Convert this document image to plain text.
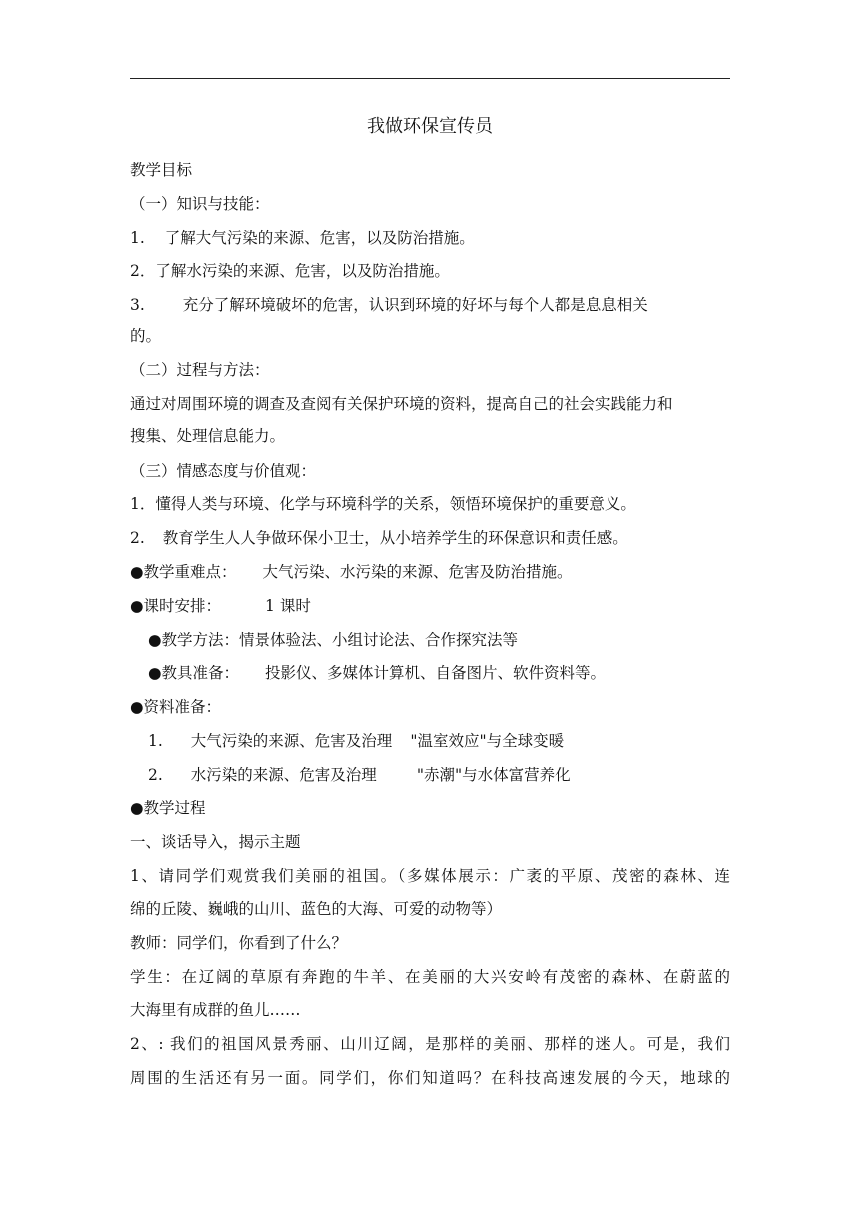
我做环保宣传员
教学目标
（一）知识与技能：
1. 了解大气污染的来源、危害，以及防治措施。
2．了解水污染的来源、危害，以及防治措施。
3. 充分了解环境破坏的危害，认识到环境的好坏与每个人都是息息相关
的。
（二）过程与方法：
通过对周围环境的调查及查阅有关保护环境的资料，提高自己的社会实践能力和
搜集、处理信息能力。
（三）情感态度与价值观：
1．懂得人类与环境、化学与环境科学的关系，领悟环境保护的重要意义。
2. 教育学生人人争做环保小卫士，从小培养学生的环保意识和责任感。
●教学重难点： 大气污染、水污染的来源、危害及防治措施。
●课时安排：	1 课时
●教学方法：情景体验法、小组讨论法、合作探究法等
●教具准备： 投影仪、多媒体计算机、自备图片、软件资料等。
●资料准备：
1. 大气污染的来源、危害及治理 "温室效应"与全球变暖
2. 水污染的来源、危害及治理	"赤潮"与水体富营养化
●教学过程
一、谈话导入，揭示主题
1、请同学们观赏我们美丽的祖国。（多媒体展示：广袤的平原、茂密的森林、连
绵的丘陵、巍峨的山川、蓝色的大海、可爱的动物等）
教师：同学们，你看到了什么？
学生：在辽阔的草原有奔跑的牛羊、在美丽的大兴安岭有茂密的森林、在蔚蓝的
大海里有成群的鱼儿……
2、: 我们的祖国风景秀丽、山川辽阔，是那样的美丽、那样的迷人。可是，我们
周围的生活还有另一面。同学们，你们知道吗？在科技高速发展的今天，地球的
